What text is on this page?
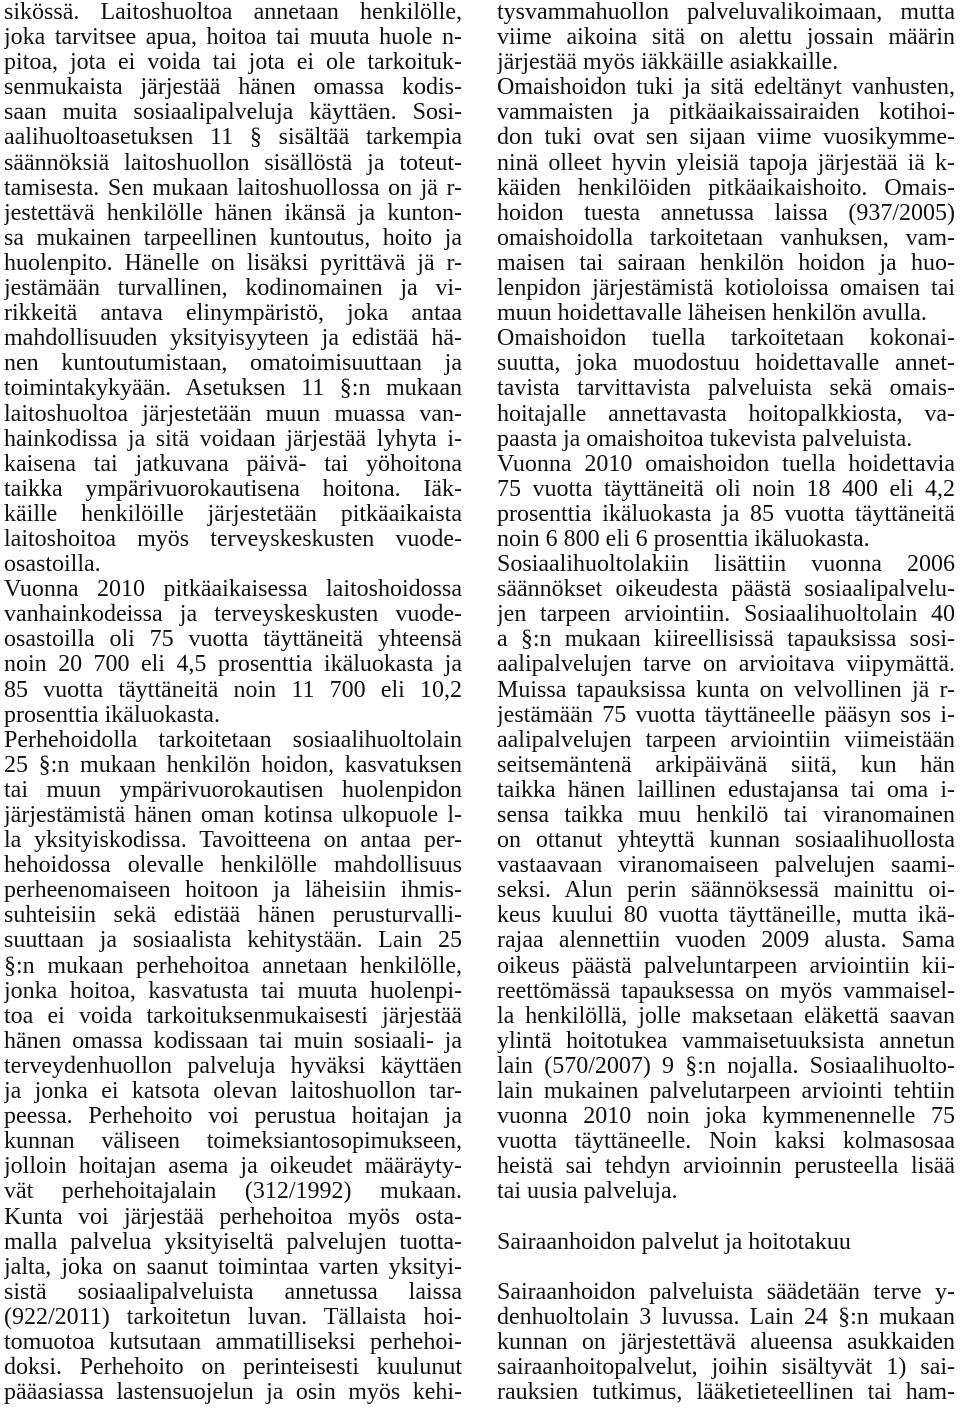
sikössä. Laitoshuoltoa annetaan henkilölle,
joka tarvitsee apua, hoitoa tai muuta huole n-
pitoa, jota ei voida tai jota ei ole tarkoituk-
senmukaista järjestää hänen omassa kodis-
saan muita sosiaalipalveluja käyttäen. Sosi-
aalihuoltoasetuksen 11 § sisältää tarkempia
säännöksiä laitoshuollon sisällöstä ja toteut-
tamisesta. Sen mukaan laitoshuollossa on jä r-
jestettävä henkilölle hänen ikänsä ja kunton-
sa mukainen tarpeellinen kuntoutus, hoito ja
huolenpito. Hänelle on lisäksi pyrittävä jä r-
jestämään turvallinen, kodinomainen ja vi-
rikkeitä antava elinympäristö, joka antaa
mahdollisuuden yksityisyyteen ja edistää hä-
nen kuntoutumistaan, omatoimisuuttaan ja
toimintakykyään. Asetuksen 11 §:n mukaan
laitoshuoltoa järjestetään muun muassa van-
hainkodissa ja sitä voidaan järjestää lyhyta i-
kaisena tai jatkuvana päivä- tai yöhoitona
taikka ympärivuorokautisena hoitona. Iäk-
käille henkilöille järjestetään pitkäaikaista
laitoshoitoa myös terveyskeskusten vuode-
osastoilla.
Vuonna 2010 pitkäaikaisessa laitoshoidossa
vanhainkodeissa ja terveyskeskusten vuode-
osastoilla oli 75 vuotta täyttäneitä yhteensä
noin 20 700 eli 4,5 prosenttia ikäluokasta ja
85 vuotta täyttäneitä noin 11 700 eli 10,2
prosenttia ikäluokasta.
Perhehoidolla tarkoitetaan sosiaalihuoltolain
25 §:n mukaan henkilön hoidon, kasvatuksen
tai muun ympärivuorokautisen huolenpidon
järjestämistä hänen oman kotinsa ulkopuole l-
la yksityiskodissa. Tavoitteena on antaa per-
hehoidossa olevalle henkilölle mahdollisuus
perheenomaiseen hoitoon ja läheisiin ihmis-
suhteisiin sekä edistää hänen perusturvalli-
suuttaan ja sosiaalista kehitystään. Lain 25
§:n mukaan perhehoitoa annetaan henkilölle,
jonka hoitoa, kasvatusta tai muuta huolenpi-
toa ei voida tarkoituksenmukaisesti järjestää
hänen omassa kodissaan tai muin sosiaali- ja
terveydenhuollon palveluja hyväksi käyttäen
ja jonka ei katsota olevan laitoshuollon tar-
peessa. Perhehoito voi perustua hoitajan ja
kunnan väliseen toimeksiantosopimukseen,
jolloin hoitajan asema ja oikeudet määräyty-
vät perhehoitajalain (312/1992) mukaan.
Kunta voi järjestää perhehoitoa myös osta-
malla palvelua yksityiseltä palvelujen tuotta-
jalta, joka on saanut toimintaa varten yksityi-
sistä sosiaalipalveluista annetussa laissa
(922/2011) tarkoitetun luvan. Tällaista hoi-
tomuotoa kutsutaan ammatilliseksi perhehoi-
doksi. Perhehoito on perinteisesti kuulunut
pääasiassa lastensuojelun ja osin myös kehi-
tysvammahuollon palveluvalikoimaan, mutta
viime aikoina sitä on alettu jossain määrin
järjestää myös iäkkäille asiakkaille.
Omaishoidon tuki ja sitä edeltänyt vanhusten,
vammaisten ja pitkäaikaissairaiden kotihoi-
don tuki ovat sen sijaan viime vuosikymme-
ninä olleet hyvin yleisiä tapoja järjestää iä k-
käiden henkilöiden pitkäaikaishoito. Omais-
hoidon tuesta annetussa laissa (937/2005)
omaishoidolla tarkoitetaan vanhuksen, vam-
maisen tai sairaan henkilön hoidon ja huo-
lenpidon järjestämistä kotioloissa omaisen tai
muun hoidettavalle läheisen henkilön avulla.
Omaishoidon tuella tarkoitetaan kokonai-
suutta, joka muodostuu hoidettavalle annet-
tavista tarvittavista palveluista sekä omais-
hoitajalle annettavasta hoitopalkkiosta, va-
paasta ja omaishoitoa tukevista palveluista.
Vuonna 2010 omaishoidon tuella hoidettavia
75 vuotta täyttäneitä oli noin 18 400 eli 4,2
prosenttia ikäluokasta ja 85 vuotta täyttäneitä
noin 6 800 eli 6 prosenttia ikäluokasta.
Sosiaalihuoltolakiin lisättiin vuonna 2006
säännökset oikeudesta päästä sosiaalipalvelu-
jen tarpeen arviointiin. Sosiaalihuoltolain 40
a §:n mukaan kiireellisissä tapauksissa sosi-
aalipalvelujen tarve on arvioitava viipymättä.
Muissa tapauksissa kunta on velvollinen jä r-
jestämään 75 vuotta täyttäneelle pääsyn sos i-
aalipalvelujen tarpeen arviointiin viimeistään
seitsemäntenä arkipäivänä siitä, kun hän
taikka hänen laillinen edustajansa tai oma i-
sensa taikka muu henkilö tai viranomainen
on ottanut yhteyttä kunnan sosiaalihuollosta
vastaavaan viranomaiseen palvelujen saami-
seksi. Alun perin säännöksessä mainittu oi-
keus kuului 80 vuotta täyttäneille, mutta ikä-
rajaa alennettiin vuoden 2009 alusta. Sama
oikeus päästä palveluntarpeen arviointiin kii-
reettömässä tapauksessa on myös vammaisel-
la henkilöllä, jolle maksetaan eläkettä saavan
ylintä hoitotukea vammaisetuuksista annetun
lain (570/2007) 9 §:n nojalla. Sosiaalihuolto-
lain mukainen palvelutarpeen arviointi tehtiin
vuonna 2010 noin joka kymmenennelle 75
vuotta täyttäneelle. Noin kaksi kolmasosaa
heistä sai tehdyn arvioinnin perusteella lisää
tai uusia palveluja.
Sairaanhoidon palvelut ja hoitotakuu
Sairaanhoidon palveluista säädetään terve y-
denhuoltolain 3 luvussa. Lain 24 §:n mukaan
kunnan on järjestettävä alueensa asukkaiden
sairaanhoitopalvelut, joihin sisältyvät 1) sai-
rauksien tutkimus, lääketieteellinen tai ham-
